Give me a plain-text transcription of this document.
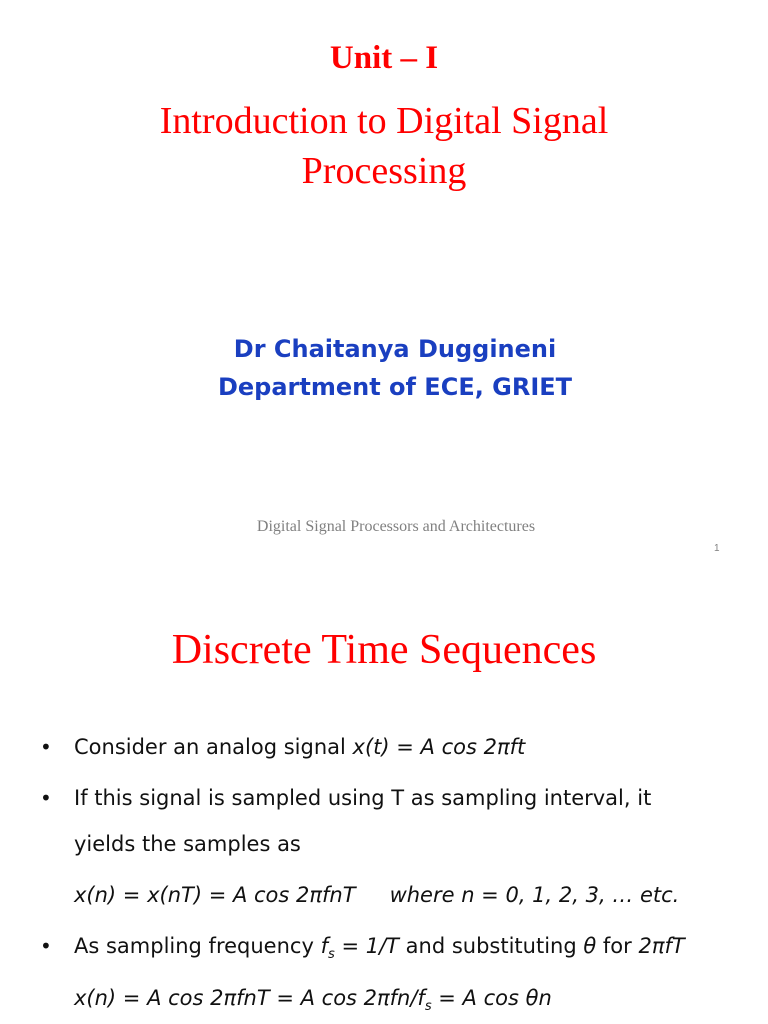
Unit – I
Introduction to Digital Signal
Processing
Dr Chaitanya Duggineni
Department of ECE, GRIET
Digital Signal Processors and Architectures
1
Discrete Time Sequences
• Consider an analog signal x(t) = A cos 2πft
• If this signal is sampled using T as sampling interval, it
yields the samples as
x(n) = x(nT) = A cos 2πfnT where n = 0, 1, 2, 3, … etc.
• As sampling frequency $f_s = 1/T$ and substituting θ for 2πfT
x(n) = A cos 2πfnT = A $\cos 2\pi fn/f_s = A$ cos θn
